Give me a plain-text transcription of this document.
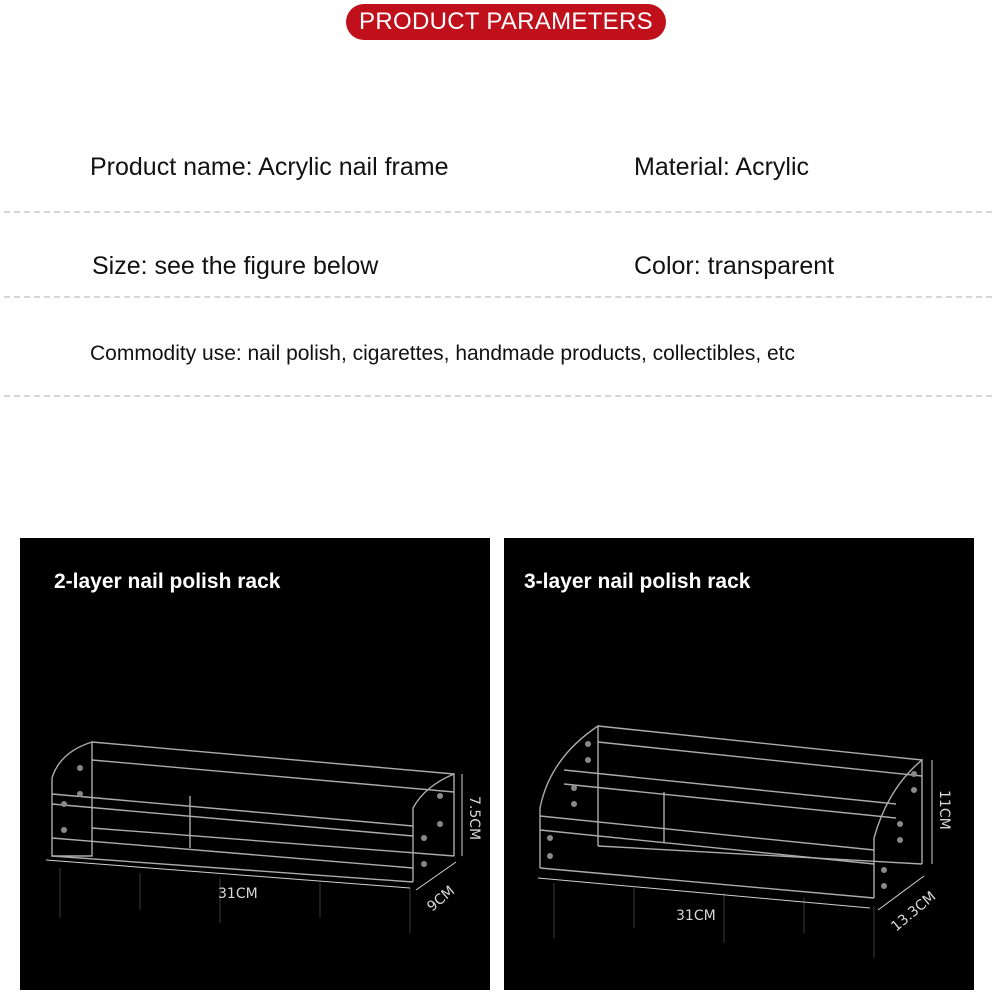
PRODUCT PARAMETERS
Product name: Acrylic nail frame	Material: Acrylic
Size: see the figure below	Color: transparent
Commodity use: nail polish, cigarettes, handmade products, collectibles, etc
31CM
7.5CM
9CM
2-layer nail polish rack
31CM
11CM
13.3CM
3-layer nail polish rack
